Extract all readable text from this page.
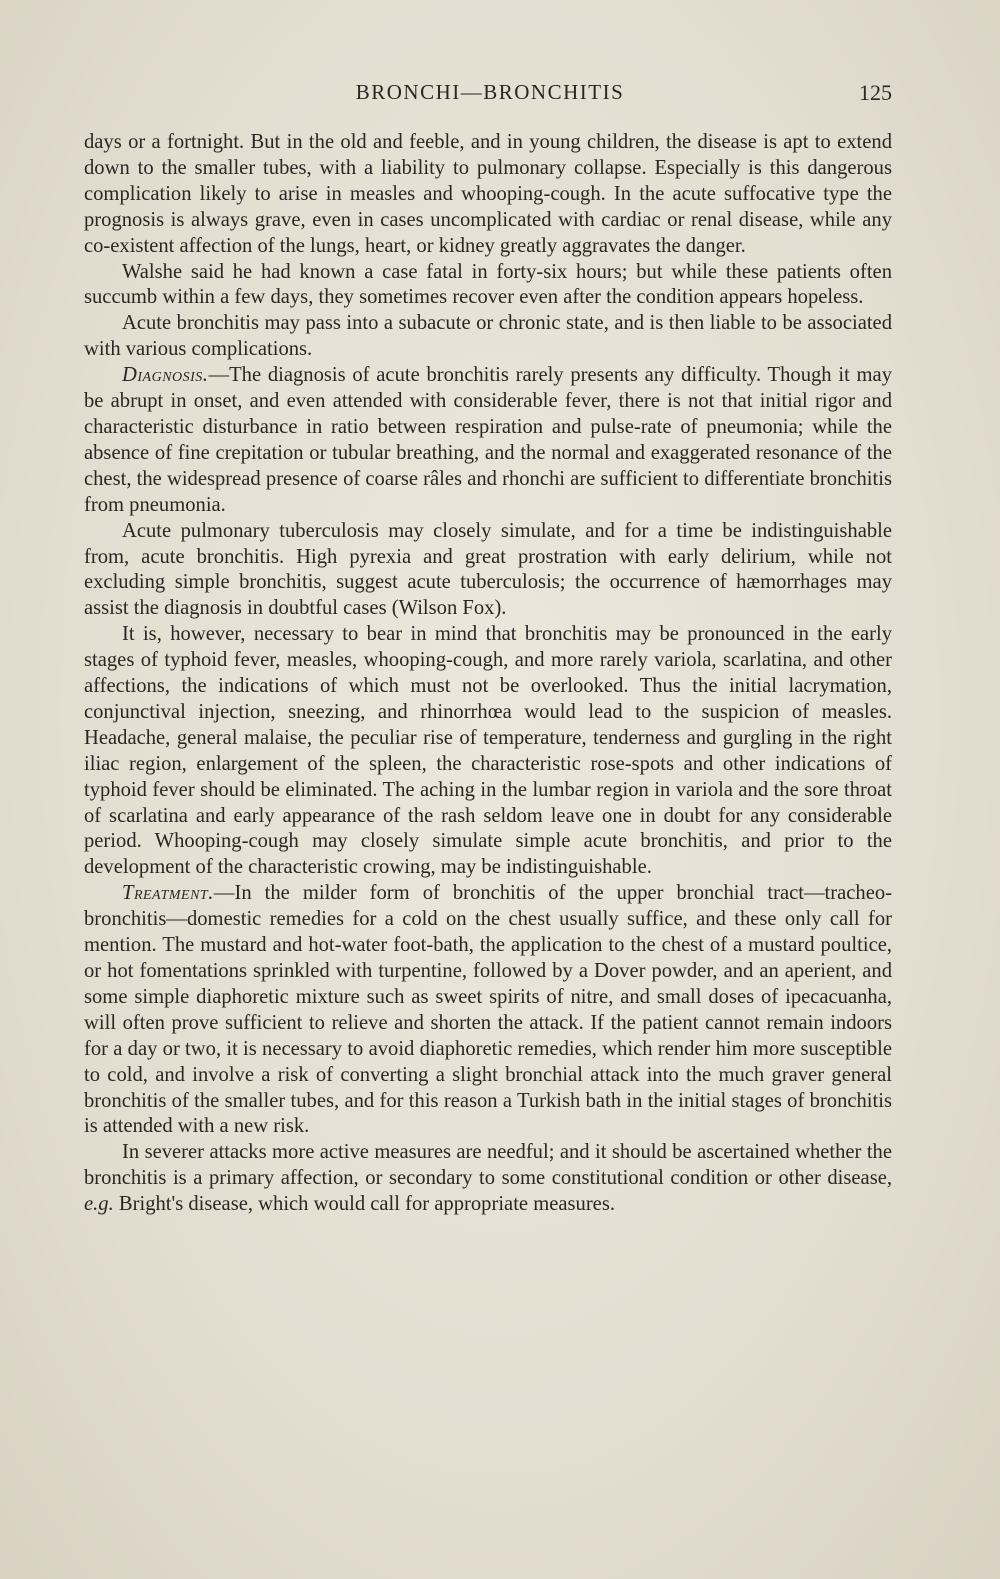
BRONCHI—BRONCHITIS	125

days or a fortnight. But in the old and feeble, and in young children, the disease is apt to extend down to the smaller tubes, with a liability to pulmonary collapse. Especially is this dangerous complication likely to arise in measles and whooping-cough. In the acute suffocative type the prognosis is always grave, even in cases uncomplicated with cardiac or renal disease, while any co-existent affection of the lungs, heart, or kidney greatly aggravates the danger.

Walshe said he had known a case fatal in forty-six hours; but while these patients often succumb within a few days, they sometimes recover even after the condition appears hopeless.

Acute bronchitis may pass into a subacute or chronic state, and is then liable to be associated with various complications.

Diagnosis.—The diagnosis of acute bronchitis rarely presents any difficulty. Though it may be abrupt in onset, and even attended with considerable fever, there is not that initial rigor and characteristic disturbance in ratio between respiration and pulse-rate of pneumonia; while the absence of fine crepitation or tubular breathing, and the normal and exaggerated resonance of the chest, the widespread presence of coarse râles and rhonchi are sufficient to differentiate bronchitis from pneumonia.

Acute pulmonary tuberculosis may closely simulate, and for a time be indistinguishable from, acute bronchitis. High pyrexia and great prostration with early delirium, while not excluding simple bronchitis, suggest acute tuberculosis; the occurrence of hæmorrhages may assist the diagnosis in doubtful cases (Wilson Fox).

It is, however, necessary to bear in mind that bronchitis may be pronounced in the early stages of typhoid fever, measles, whooping-cough, and more rarely variola, scarlatina, and other affections, the indications of which must not be overlooked. Thus the initial lacrymation, conjunctival injection, sneezing, and rhinorrhœa would lead to the suspicion of measles. Headache, general malaise, the peculiar rise of temperature, tenderness and gurgling in the right iliac region, enlargement of the spleen, the characteristic rose-spots and other indications of typhoid fever should be eliminated. The aching in the lumbar region in variola and the sore throat of scarlatina and early appearance of the rash seldom leave one in doubt for any considerable period. Whooping-cough may closely simulate simple acute bronchitis, and prior to the development of the characteristic crowing, may be indistinguishable.

Treatment.—In the milder form of bronchitis of the upper bronchial tract—tracheo-bronchitis—domestic remedies for a cold on the chest usually suffice, and these only call for mention. The mustard and hot-water foot-bath, the application to the chest of a mustard poultice, or hot fomentations sprinkled with turpentine, followed by a Dover powder, and an aperient, and some simple diaphoretic mixture such as sweet spirits of nitre, and small doses of ipecacuanha, will often prove sufficient to relieve and shorten the attack. If the patient cannot remain indoors for a day or two, it is necessary to avoid diaphoretic remedies, which render him more susceptible to cold, and involve a risk of converting a slight bronchial attack into the much graver general bronchitis of the smaller tubes, and for this reason a Turkish bath in the initial stages of bronchitis is attended with a new risk.

In severer attacks more active measures are needful; and it should be ascertained whether the bronchitis is a primary affection, or secondary to some constitutional condition or other disease, e.g. Bright's disease, which would call for appropriate measures.
